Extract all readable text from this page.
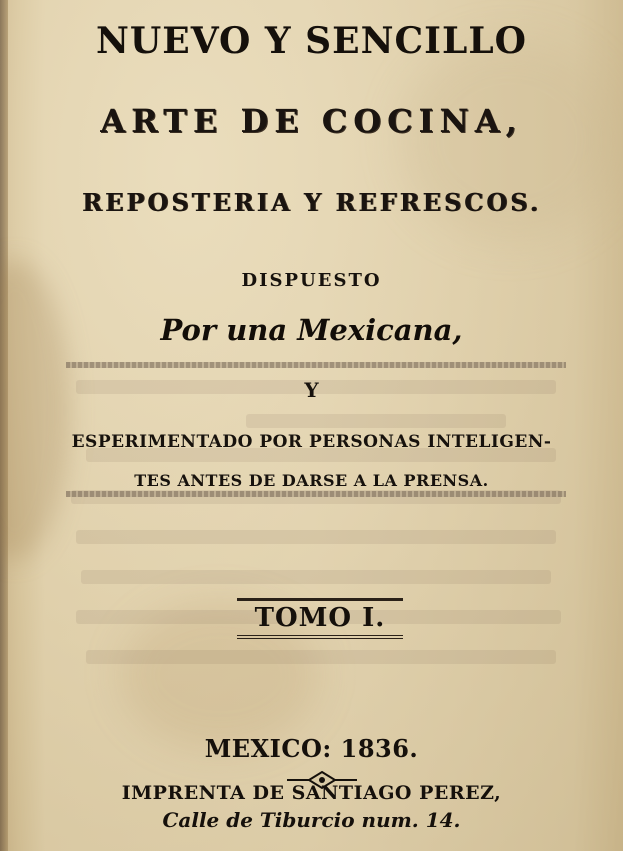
NUEVO Y SENCILLO
ARTE DE COCINA,
REPOSTERIA Y REFRESCOS.
DISPUESTO
Por una Mexicana,
Y
ESPERIMENTADO POR PERSONAS INTELIGEN-
TES ANTES DE DARSE A LA PRENSA.
TOMO I.
MEXICO: 1836.
IMPRENTA DE SANTIAGO PEREZ,
Calle de Tiburcio num. 14.
